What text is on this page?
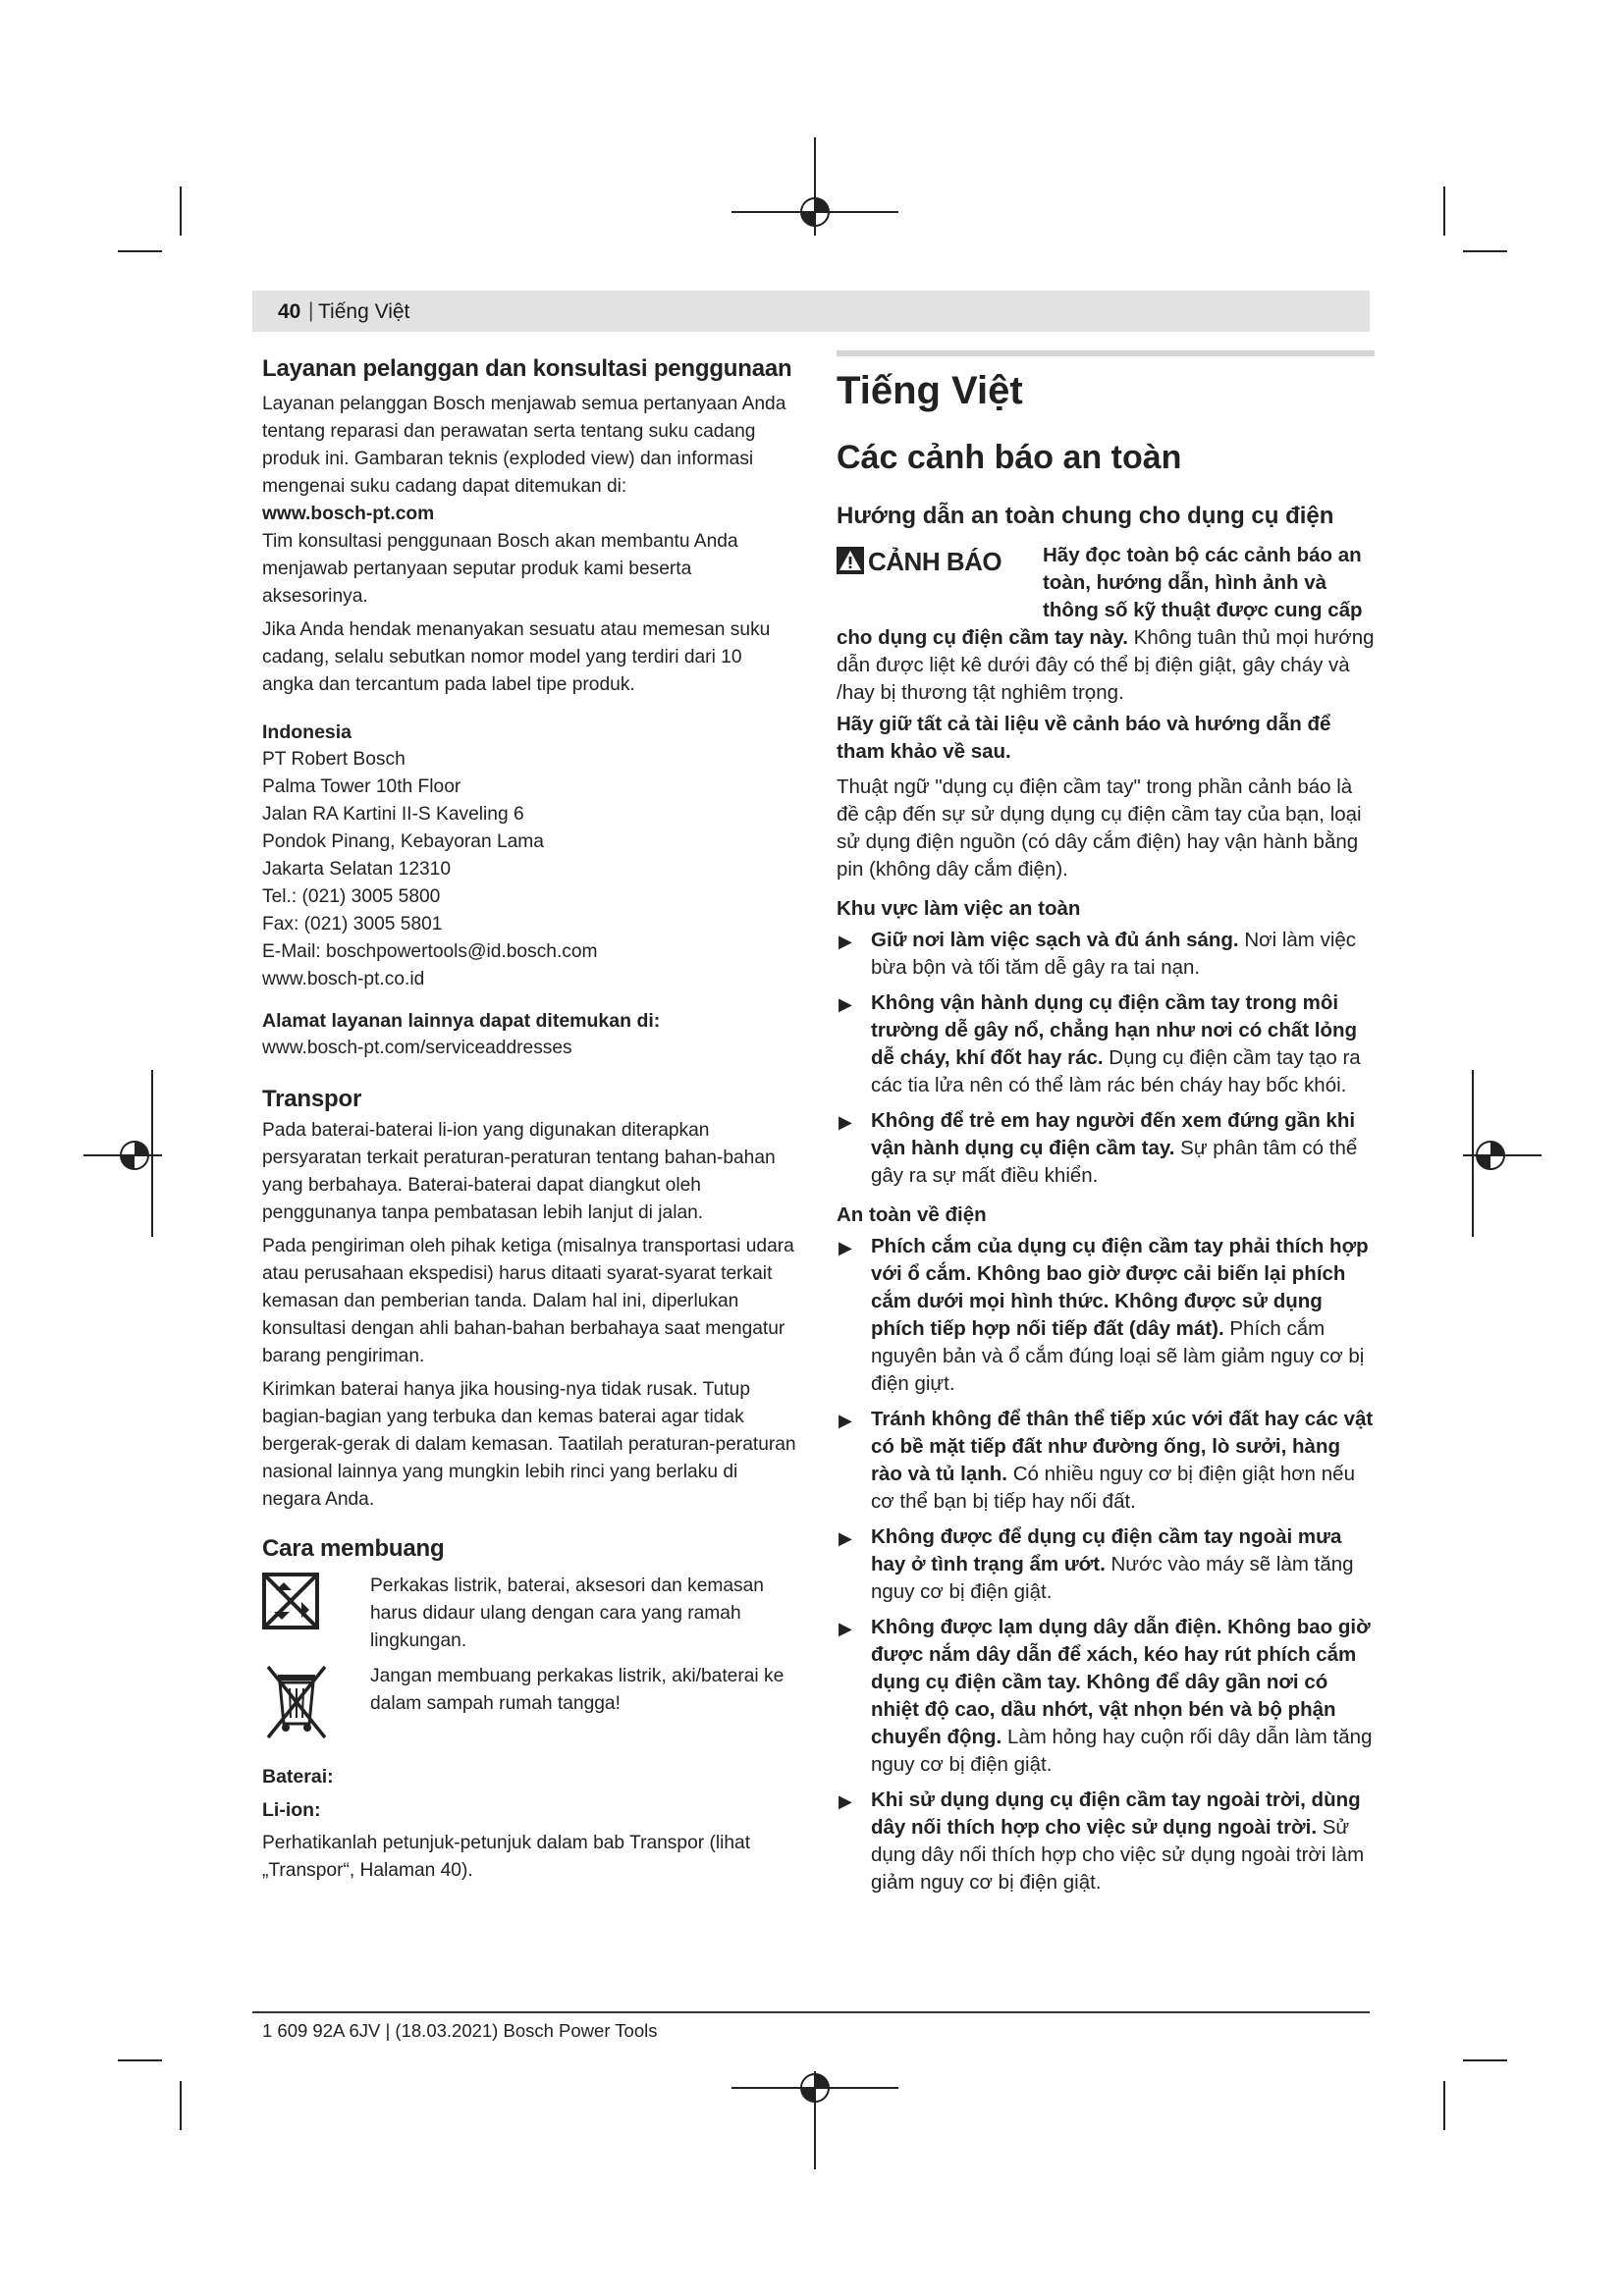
40 | Tiếng Việt
Layanan pelanggan dan konsultasi penggunaan

Layanan pelanggan Bosch menjawab semua pertanyaan Anda tentang reparasi dan perawatan serta tentang suku cadang produk ini. Gambaran teknis (exploded view) dan informasi mengenai suku cadang dapat ditemukan di:
www.bosch-pt.com

Tim konsultasi penggunaan Bosch akan membantu Anda menjawab pertanyaan seputar produk kami beserta aksesorinya.

Jika Anda hendak menanyakan sesuatu atau memesan suku cadang, selalu sebutkan nomor model yang terdiri dari 10 angka dan tercantum pada label tipe produk.

Indonesia
PT Robert Bosch
Palma Tower 10th Floor
Jalan RA Kartini II-S Kaveling 6
Pondok Pinang, Kebayoran Lama
Jakarta Selatan 12310
Tel.: (021) 3005 5800
Fax: (021) 3005 5801
E-Mail: boschpowertools@id.bosch.com
www.bosch-pt.co.id
Alamat layanan lainnya dapat ditemukan di:
www.bosch-pt.com/serviceaddresses
Transpor

Pada baterai-baterai li-ion yang digunakan diterapkan persyaratan terkait peraturan-peraturan tentang bahan-bahan yang berbahaya. Baterai-baterai dapat diangkut oleh penggunanya tanpa pembatasan lebih lanjut di jalan.

Pada pengiriman oleh pihak ketiga (misalnya transportasi udara atau perusahaan ekspedisi) harus ditaati syarat-syarat terkait kemasan dan pemberian tanda. Dalam hal ini, diperlukan konsultasi dengan ahli bahan-bahan berbahaya saat mengatur barang pengiriman.

Kirimkan baterai hanya jika housing-nya tidak rusak. Tutup bagian-bagian yang terbuka dan kemas baterai agar tidak bergerak-gerak di dalam kemasan. Taatilah peraturan-peraturan nasional lainnya yang mungkin lebih rinci yang berlaku di negara Anda.

Cara membuang
Perkakas listrik, baterai, aksesori dan kemasan harus didaur ulang dengan cara yang ramah lingkungan.
Jangan membuang perkakas listrik, aki/baterai ke dalam sampah rumah tangga!
Baterai:
Li-ion:

Perhatikanlah petunjuk-petunjuk dalam bab Transpor (lihat „Transpor“, Halaman 40).

Tiếng Việt
Các cảnh báo an toàn
Hướng dẫn an toàn chung cho dụng cụ điện
CẢNH BÁO	Hãy đọc toàn bộ các cảnh báo an toàn, hướng dẫn, hình ảnh và thông số kỹ thuật được cung cấp cho dụng cụ điện cầm tay này. Không tuân thủ mọi hướng dẫn được liệt kê dưới đây có thể bị điện giật, gây cháy và /hay bị thương tật nghiêm trọng.

Hãy giữ tất cả tài liệu về cảnh báo và hướng dẫn để tham khảo về sau.

Thuật ngữ "dụng cụ điện cầm tay" trong phần cảnh báo là đề cập đến sự sử dụng dụng cụ điện cầm tay của bạn, loại sử dụng điện nguồn (có dây cắm điện) hay vận hành bằng pin (không dây cắm điện).

Khu vực làm việc an toàn
▶ Giữ nơi làm việc sạch và đủ ánh sáng. Nơi làm việc bừa bộn và tối tăm dễ gây ra tai nạn.
▶ Không vận hành dụng cụ điện cầm tay trong môi trường dễ gây nổ, chẳng hạn như nơi có chất lỏng dễ cháy, khí đốt hay rác. Dụng cụ điện cầm tay tạo ra các tia lửa nên có thể làm rác bén cháy hay bốc khói.
▶ Không để trẻ em hay người đến xem đứng gần khi vận hành dụng cụ điện cầm tay. Sự phân tâm có thể gây ra sự mất điều khiển.
An toàn về điện
▶ Phích cắm của dụng cụ điện cầm tay phải thích hợp với ổ cắm. Không bao giờ được cải biến lại phích cắm dưới mọi hình thức. Không được sử dụng phích tiếp hợp nối tiếp đất (dây mát). Phích cắm nguyên bản và ổ cắm đúng loại sẽ làm giảm nguy cơ bị điện giựt.
▶ Tránh không để thân thể tiếp xúc với đất hay các vật có bề mặt tiếp đất như đường ống, lò sưởi, hàng rào và tủ lạnh. Có nhiều nguy cơ bị điện giật hơn nếu cơ thể bạn bị tiếp hay nối đất.
▶ Không được để dụng cụ điện cầm tay ngoài mưa hay ở tình trạng ẩm ướt. Nước vào máy sẽ làm tăng nguy cơ bị điện giật.
▶ Không được lạm dụng dây dẫn điện. Không bao giờ được nắm dây dẫn để xách, kéo hay rút phích cắm dụng cụ điện cầm tay. Không để dây gần nơi có nhiệt độ cao, dầu nhớt, vật nhọn bén và bộ phận chuyển động. Làm hỏng hay cuộn rối dây dẫn làm tăng nguy cơ bị điện giật.
▶ Khi sử dụng dụng cụ điện cầm tay ngoài trời, dùng dây nối thích hợp cho việc sử dụng ngoài trời. Sử dụng dây nối thích hợp cho việc sử dụng ngoài trời làm giảm nguy cơ bị điện giật.
1 609 92A 6JV | (18.03.2021) Bosch Power Tools
